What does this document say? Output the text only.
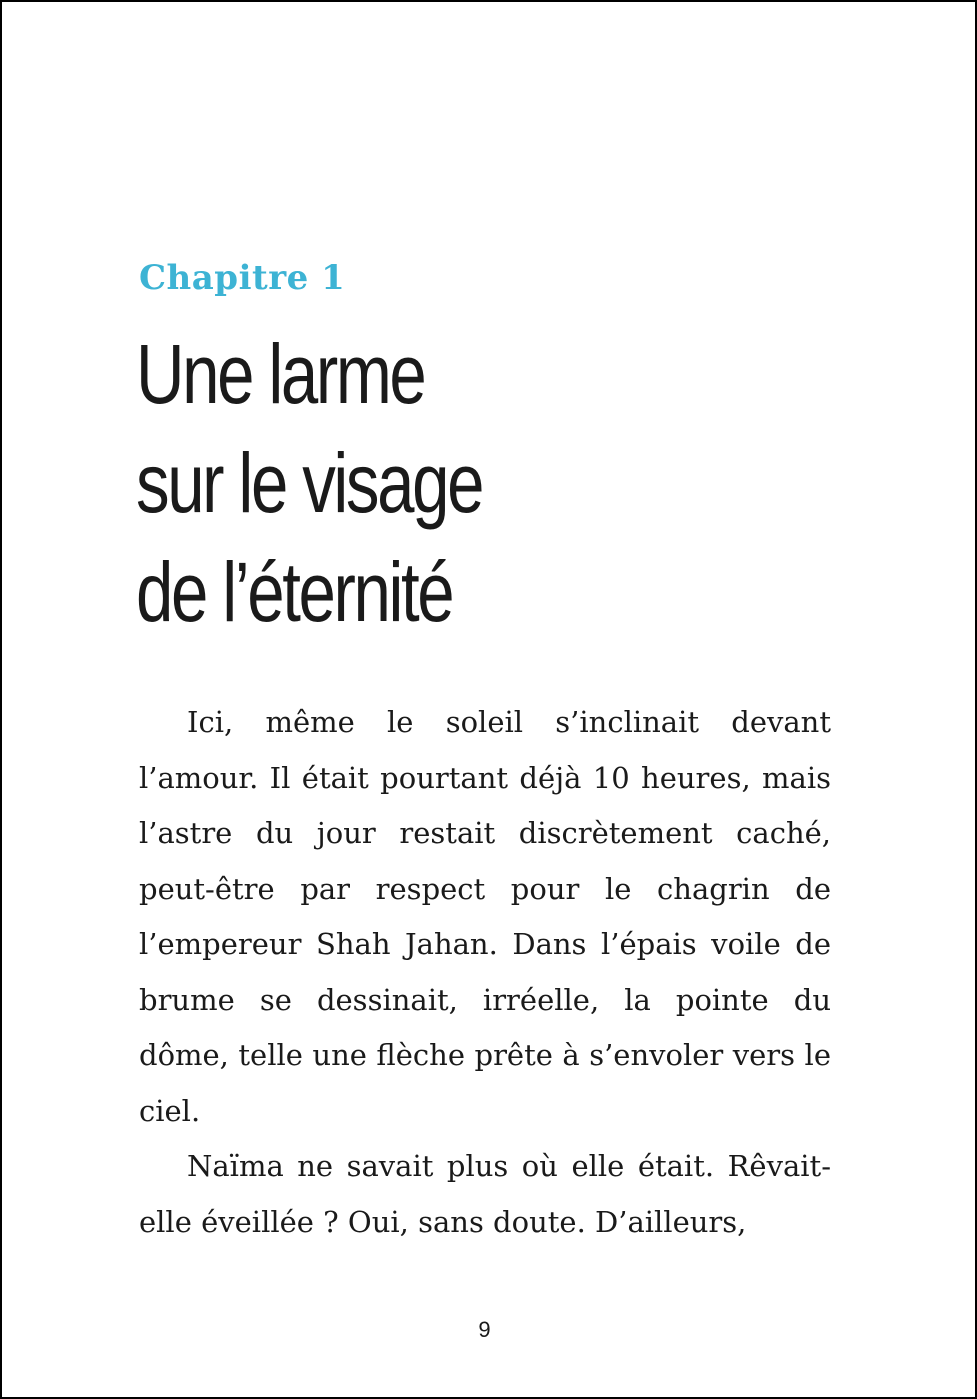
Chapitre 1
Une larme
sur le visage
de l’éternité

Ici, même le soleil s’inclinait devant l’amour. Il était pourtant déjà 10 heures, mais l’astre du jour restait discrètement caché, peut-être par respect pour le chagrin de l’empereur Shah Jahan. Dans l’épais voile de brume se dessinait, irréelle, la pointe du dôme, telle une flèche prête à s’envoler vers le ciel.

Naïma ne savait plus où elle était. Rêvait-elle éveillée ? Oui, sans doute. D’ailleurs,

9
